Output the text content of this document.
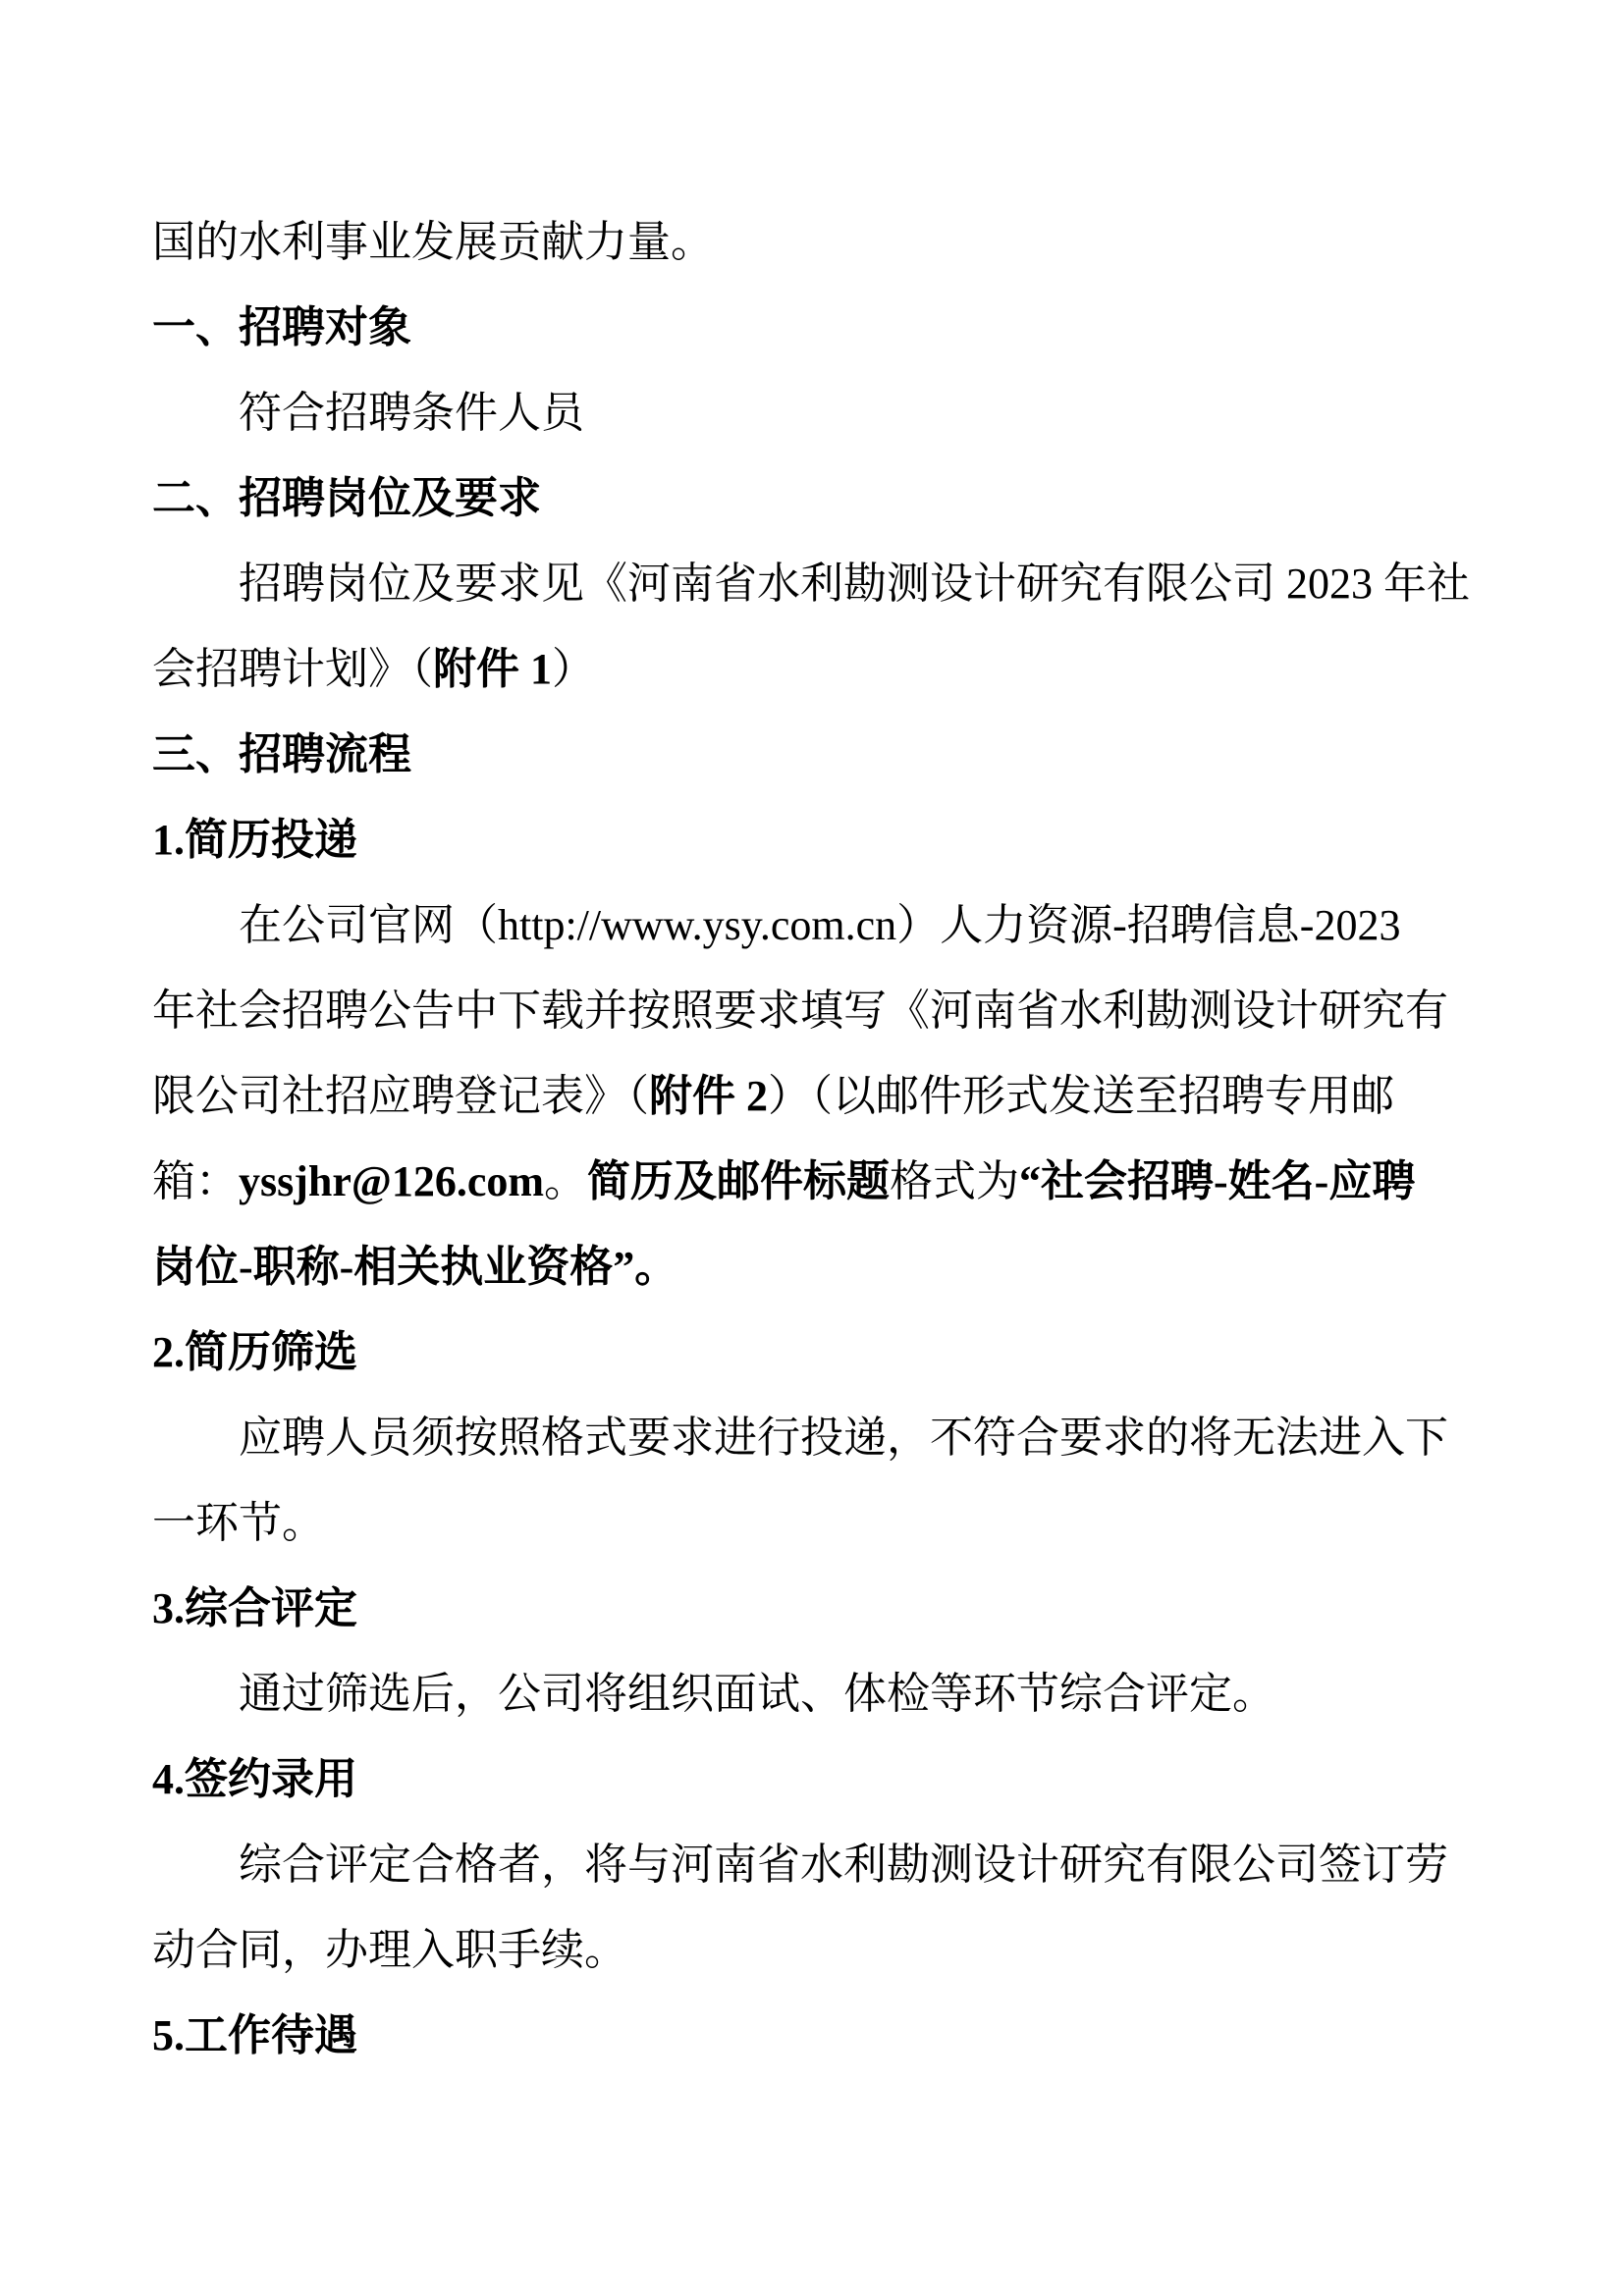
国的水利事业发展贡献力量。
一、招聘对象
符合招聘条件人员
二、招聘岗位及要求
招聘岗位及要求见《河南省水利勘测设计研究有限公司 2023 年社
会招聘计划》（附件 1）
三、招聘流程
1.简历投递
在公司官网（http://www.ysy.com.cn）人力资源-招聘信息-2023
年社会招聘公告中下载并按照要求填写《河南省水利勘测设计研究有
限公司社招应聘登记表》（附件 2）（以邮件形式发送至招聘专用邮
箱：yssjhr@126.com。简历及邮件标题格式为“社会招聘-姓名-应聘
岗位-职称-相关执业资格”。
2.简历筛选
应聘人员须按照格式要求进行投递，不符合要求的将无法进入下
一环节。
3.综合评定
通过筛选后，公司将组织面试、体检等环节综合评定。
4.签约录用
综合评定合格者，将与河南省水利勘测设计研究有限公司签订劳
动合同，办理入职手续。
5.工作待遇
